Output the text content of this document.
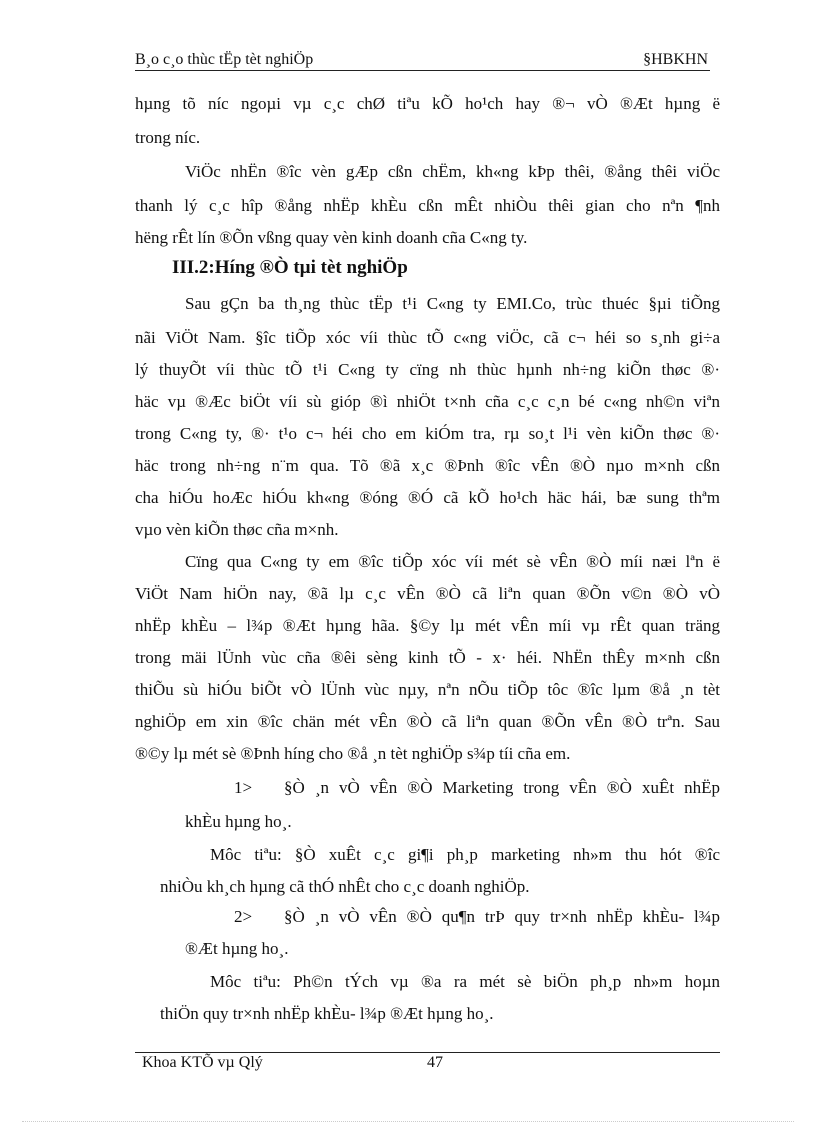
B¸o c¸o thùc tËp tèt nghiÖp	§HBKHN
hµng tõ níc ngoµi vµ c¸c chØ tiªu kÕ ho¹ch hay ®¬ vÒ ®Æt hµng ë
trong níc.
ViÖc nhËn ®îc vèn gÆp cßn chËm, kh«ng kÞp thêi, ®ång thêi viÖc
thanh lý c¸c hîp ®ång nhËp khÈu cßn mÊt nhiÒu thêi gian cho nªn ¶nh
hëng rÊt lín ®Õn vßng quay vèn kinh doanh cña C«ng ty.
III.2:Híng ®Ò tµi tèt nghiÖp
Sau gÇn ba th¸ng thùc tËp t¹i C«ng ty EMI.Co, trùc thuéc §µi tiÕng
nãi ViÖt Nam. §îc tiÕp xóc víi thùc tÕ c«ng viÖc, cã c¬ héi so s¸nh gi÷a
lý thuyÕt víi thùc tÕ t¹i C«ng ty cïng nh thùc hµnh nh÷ng kiÕn thøc ®·
häc vµ ®Æc biÖt víi sù gióp ®ì nhiÖt t×nh cña c¸c c¸n bé c«ng nh©n viªn
trong C«ng ty, ®· t¹o c¬ héi cho em kiÓm tra, rµ so¸t l¹i vèn kiÕn thøc ®·
häc trong nh÷ng n¨m qua. Tõ ®ã x¸c ®Þnh ®îc vÊn ®Ò nµo m×nh cßn
cha hiÓu hoÆc hiÓu kh«ng ®óng ®Ó cã kÕ ho¹ch häc hái, bæ sung thªm
vµo vèn kiÕn thøc cña m×nh.
Cïng qua C«ng ty em ®îc tiÕp xóc víi mét sè vÊn ®Ò míi næi lªn ë
ViÖt Nam hiÖn nay, ®ã lµ c¸c vÊn ®Ò cã liªn quan ®Õn v©n ®Ò vÒ
nhËp khÈu – l¾p ®Æt hµng hãa. §©y lµ mét vÊn míi vµ rÊt quan träng
trong mäi lÜnh vùc cña ®êi sèng kinh tÕ - x· héi. NhËn thÊy m×nh cßn
thiÕu sù hiÓu biÕt vÒ lÜnh vùc nµy, nªn nÕu tiÕp tôc ®îc lµm ®å ¸n tèt
nghiÖp em xin ®îc chän mét vÊn ®Ò cã liªn quan ®Õn vÊn ®Ò trªn. Sau
®©y lµ mét sè ®Þnh híng cho ®å ¸n tèt nghiÖp s¾p tíi cña em.
1>	§Ò ¸n vÒ vÊn ®Ò Marketing trong vÊn ®Ò xuÊt nhËp
khÈu hµng ho¸.
Môc tiªu: §Ò xuÊt c¸c gi¶i ph¸p marketing nh»m thu hót ®îc
nhiÒu kh¸ch hµng cã thÓ nhÊt cho c¸c doanh nghiÖp.
2>	§Ò ¸n vÒ vÊn ®Ò qu¶n trÞ quy tr×nh nhËp khÈu- l¾p
®Æt hµng ho¸.
Môc tiªu: Ph©n tÝch vµ ®a ra mét sè biÖn ph¸p nh»m hoµn
thiÖn quy tr×nh nhËp khÈu- l¾p ®Æt hµng ho¸.
Khoa KTÕ vµ Qlý	47
